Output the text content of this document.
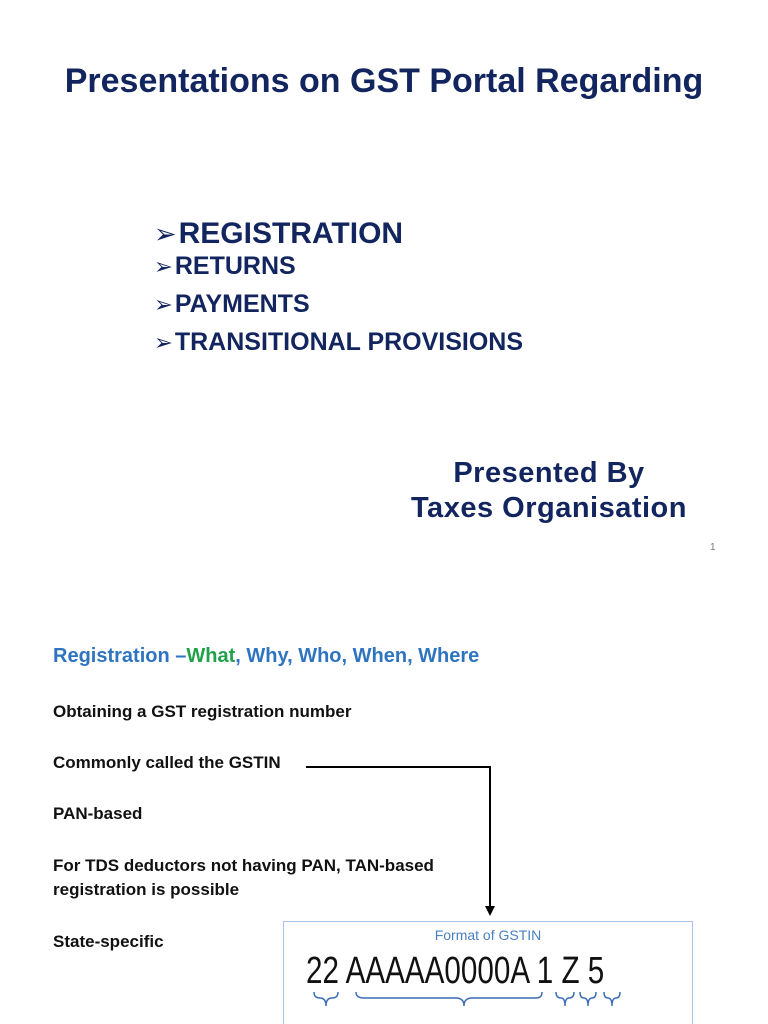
Presentations on GST Portal Regarding
➢REGISTRATION
➢RETURNS
➢PAYMENTS
➢TRANSITIONAL PROVISIONS
Presented By
Taxes Organisation
1
Registration –What, Why, Who, When, Where
Obtaining a GST registration number
Commonly called the GSTIN
PAN-based
For TDS deductors not having PAN, TAN-based
registration is possible
State-specific	Format of GSTIN
22 AAAAA0000A 1 Z 5
